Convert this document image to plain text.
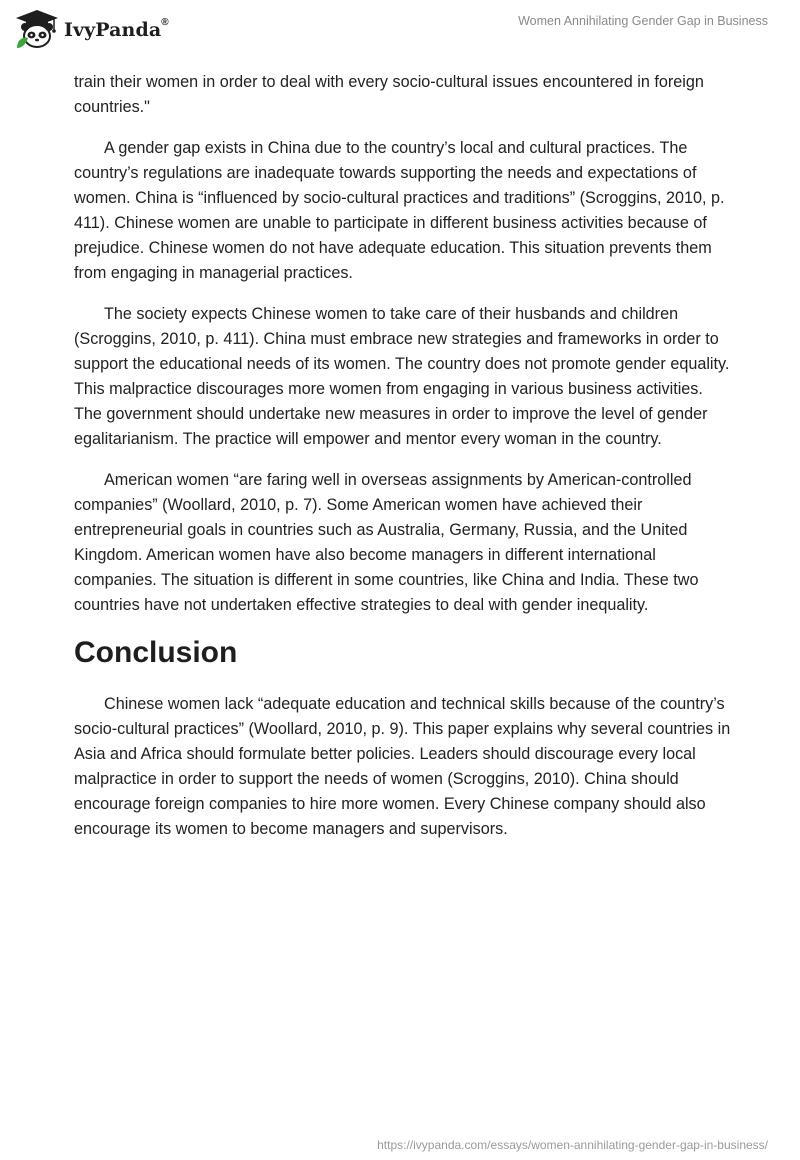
IvyPanda®	Women Annihilating Gender Gap in Business

train their women in order to deal with every socio-cultural issues encountered in foreign countries."

A gender gap exists in China due to the country’s local and cultural practices. The country’s regulations are inadequate towards supporting the needs and expectations of women. China is “influenced by socio-cultural practices and traditions” (Scroggins, 2010, p. 411). Chinese women are unable to participate in different business activities because of prejudice. Chinese women do not have adequate education. This situation prevents them from engaging in managerial practices.

The society expects Chinese women to take care of their husbands and children (Scroggins, 2010, p. 411). China must embrace new strategies and frameworks in order to support the educational needs of its women. The country does not promote gender equality. This malpractice discourages more women from engaging in various business activities. The government should undertake new measures in order to improve the level of gender egalitarianism. The practice will empower and mentor every woman in the country.

American women “are faring well in overseas assignments by American-controlled companies” (Woollard, 2010, p. 7). Some American women have achieved their entrepreneurial goals in countries such as Australia, Germany, Russia, and the United Kingdom. American women have also become managers in different international companies. The situation is different in some countries, like China and India. These two countries have not undertaken effective strategies to deal with gender inequality.

Conclusion

Chinese women lack “adequate education and technical skills because of the country’s socio-cultural practices” (Woollard, 2010, p. 9). This paper explains why several countries in Asia and Africa should formulate better policies. Leaders should discourage every local malpractice in order to support the needs of women (Scroggins, 2010). China should encourage foreign companies to hire more women. Every Chinese company should also encourage its women to become managers and supervisors.

https://ivypanda.com/essays/women-annihilating-gender-gap-in-business/
